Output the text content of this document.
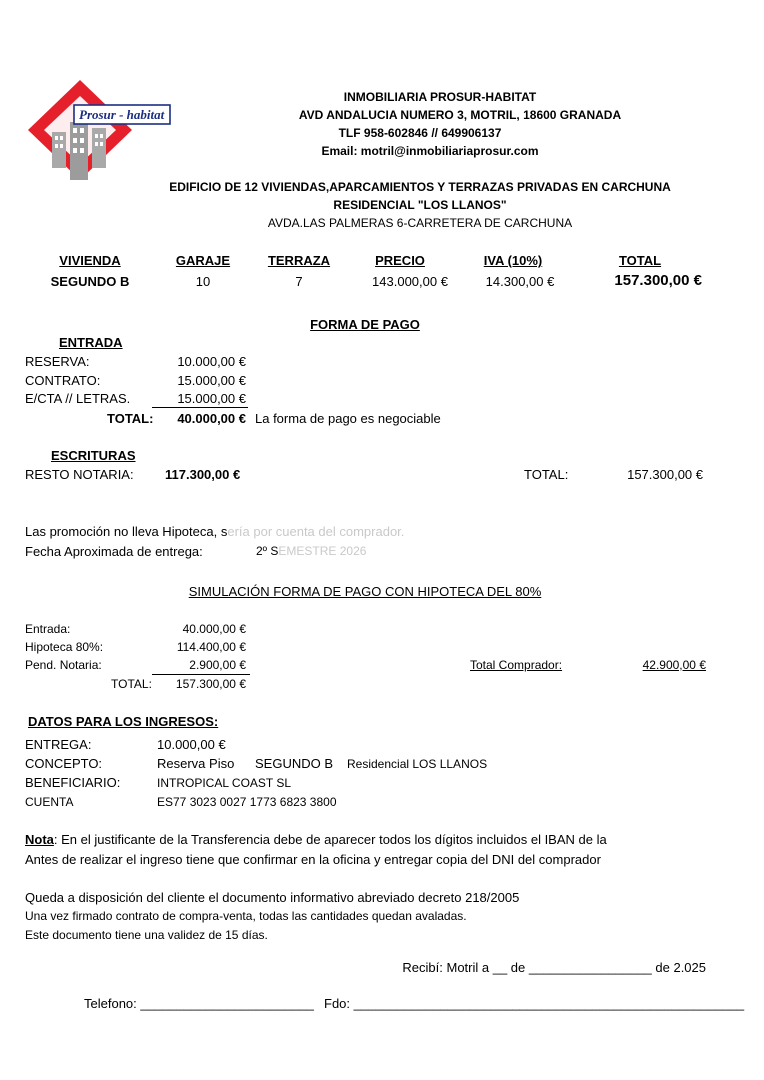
Prosur - habitat
INMOBILIARIA PROSUR-HABITAT
AVD ANDALUCIA NUMERO 3, MOTRIL, 18600 GRANADA
TLF 958-602846 // 649906137
Email: motril@inmobiliariaprosur.com
EDIFICIO DE 12 VIVIENDAS,APARCAMIENTOS Y TERRAZAS PRIVADAS EN CARCHUNA
RESIDENCIAL "LOS LLANOS"
AVDA.LAS PALMERAS 6-CARRETERA DE CARCHUNA
VIVIENDA	GARAJE	TERRAZA	PRECIO	IVA (10%)	TOTAL
SEGUNDO B	10	7	143.000,00 €	14.300,00 €	157.300,00 €
FORMA DE PAGO
ENTRADA
RESERVA:	10.000,00 €
CONTRATO:	15.000,00 €
E/CTA // LETRAS.	15.000,00 €
TOTAL:	40.000,00 € La forma de pago es negociable
ESCRITURAS
RESTO NOTARIA: 117.300,00 €	TOTAL:	157.300,00 €
Las promoción no lleva Hipoteca, sería por cuenta del comprador.
Fecha Aproximada de entrega:	2º SEMESTRE 2026
SIMULACIÓN FORMA DE PAGO CON HIPOTECA DEL 80%
Entrada:	40.000,00 €
Hipoteca 80%:	114.400,00 €
Pend. Notaria:	2.900,00 €
TOTAL:	157.300,00 €
Total Comprador:	42.900,00 €
DATOS PARA LOS INGRESOS:
ENTREGA:	10.000,00 €
CONCEPTO:	Reserva Piso SEGUNDO B Residencial LOS LLANOS
BENEFICIARIO:	INTROPICAL COAST SL
CUENTA	ES77 3023 0027 1773 6823 3800
Nota: En el justificante de la Transferencia debe de aparecer todos los dígitos incluidos el IBAN de la
Antes de realizar el ingreso tiene que confirmar en la oficina y entregar copia del DNI del comprador
Queda a disposición del cliente el documento informativo abreviado decreto 218/2005
Una vez firmado contrato de compra-venta, todas las cantidades quedan avaladas.
Este documento tiene una validez de 15 días.
Recibí: Motril a __ de _________________ de 2.025
Telefono: ________________________ Fdo: ______________________________________________________
